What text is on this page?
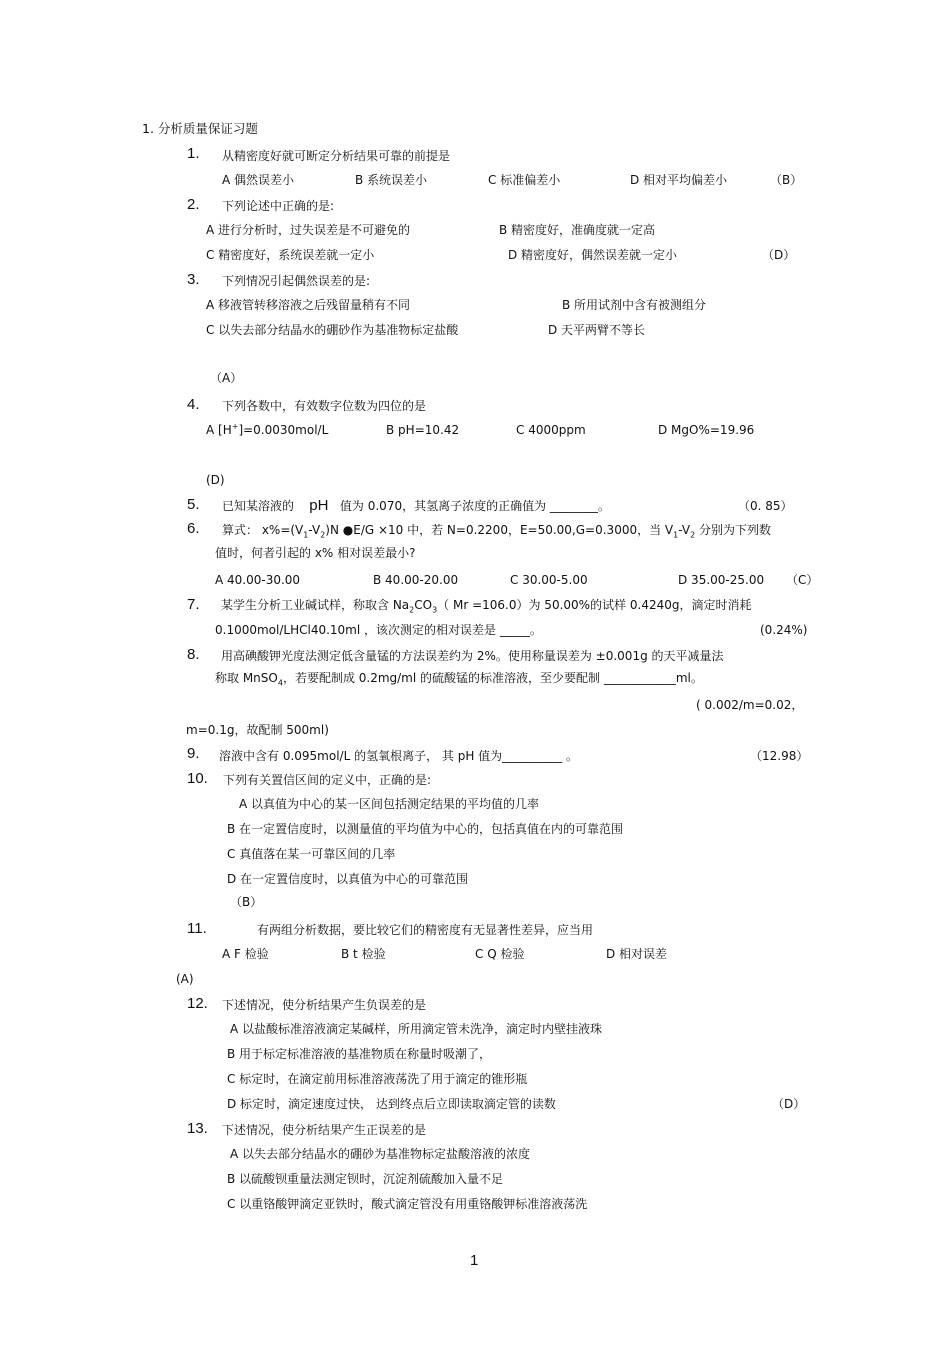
1. 分析质量保证习题
1. 从精密度好就可断定分析结果可靠的前提是
A 偶然误差小	B 系统误差小	C 标准偏差小	D 相对平均偏差小	（B）
2. 下列论述中正确的是:
A 进行分析时，过失误差是不可避免的	B 精密度好，准确度就一定高
C 精密度好，系统误差就一定小	D 精密度好，偶然误差就一定小	（D）
3. 下列情况引起偶然误差的是:
A 移液管转移溶液之后残留量稍有不同	B 所用试剂中含有被测组分
C 以失去部分结晶水的硼砂作为基准物标定盐酸	D 天平两臂不等长
（A）
4. 下列各数中，有效数字位数为四位的是
A [H+]=0.0030mol/L	B pH=10.42	C 4000ppm	D MgO%=19.96
(D)
5. 已知某溶液的 pH 值为 0.070，其氢离子浓度的正确值为 ________。	（0. 85）
6. 算式： $x\%=(V_1-V_2)N$ ●E/G ×10 中，若 N=0.2200，E=50.00,G=0.3000，当 $V_1-V_2$ 分别为下列数
值时，何者引起的 x% 相对误差最小?
A 40.00-30.00	B 40.00-20.00	C 30.00-5.00	D 35.00-25.00 （C）
7. 某学生分析工业碱试样，称取含 $Na_2CO_3$（ Mr =106.0）为 50.00%的试样 0.4240g，滴定时消耗
0.1000mol/LHCl40.10ml ，该次测定的相对误差是 _____。	(0.24%)
8. 用高碘酸钾光度法测定低含量锰的方法误差约为 2%。使用称量误差为 ±0.001g 的天平减量法
称取 MnSO$_4$，若要配制成 0.2mg/ml 的硫酸锰的标准溶液，至少要配制 ____________ml。
( 0.002/m=0.02，
m=0.1g，故配制 500ml)
9. 溶液中含有 0.095mol/L 的氢氧根离子， 其 pH 值为__________ 。	（12.98）
10. 下列有关置信区间的定义中，正确的是:
A 以真值为中心的某一区间包括测定结果的平均值的几率
B 在一定置信度时，以测量值的平均值为中心的，包括真值在内的可靠范围
C 真值落在某一可靠区间的几率
D 在一定置信度时，以真值为中心的可靠范围
（B）
11.	有两组分析数据，要比较它们的精密度有无显著性差异，应当用
A F 检验	B t 检验	C Q 检验	D 相对误差
(A)
12. 下述情况，使分析结果产生负误差的是
A 以盐酸标准溶液滴定某碱样，所用滴定管未洗净，滴定时内壁挂液珠
B 用于标定标准溶液的基准物质在称量时吸潮了，
C 标定时，在滴定前用标准溶液荡洗了用于滴定的锥形瓶
D 标定时，滴定速度过快， 达到终点后立即读取滴定管的读数	（D）
13. 下述情况，使分析结果产生正误差的是
A 以失去部分结晶水的硼砂为基准物标定盐酸溶液的浓度
B 以硫酸钡重量法测定钡时，沉淀剂硫酸加入量不足
C 以重铬酸钾滴定亚铁时，酸式滴定管没有用重铬酸钾标准溶液荡洗
1
